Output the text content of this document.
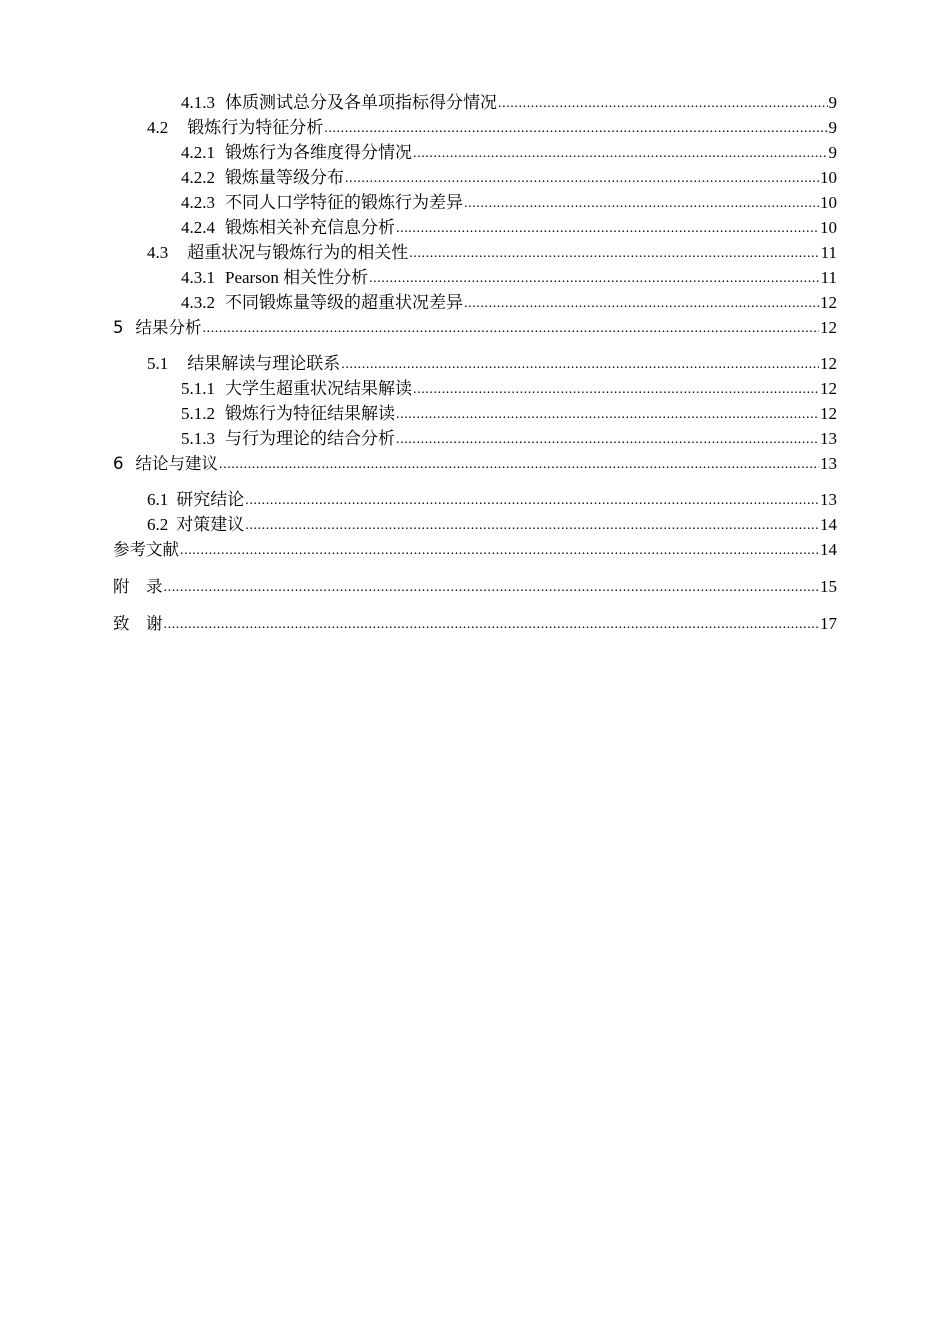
4.1.3 体质测试总分及各单项指标得分情况 .....	9
4.2 锻炼行为特征分析 .....	9
4.2.1 锻炼行为各维度得分情况 .....	9
4.2.2 锻炼量等级分布 .....	10
4.2.3 不同人口学特征的锻炼行为差异 .....	10
4.2.4 锻炼相关补充信息分析 .....	10
4.3 超重状况与锻炼行为的相关性 .....	11
4.3.1 Pearson 相关性分析 .....	11
4.3.2 不同锻炼量等级的超重状况差异 .....	12
5 结果分析 .....	12
5.1 结果解读与理论联系 .....	12
5.1.1 大学生超重状况结果解读 .....	12
5.1.2 锻炼行为特征结果解读 .....	12
5.1.3 与行为理论的结合分析 .....	13
6 结论与建议 .....	13
6.1 研究结论 .....	13
6.2 对策建议 .....	14
参考文献 .....	14
附　录 .....	15
致　谢 .....	17
